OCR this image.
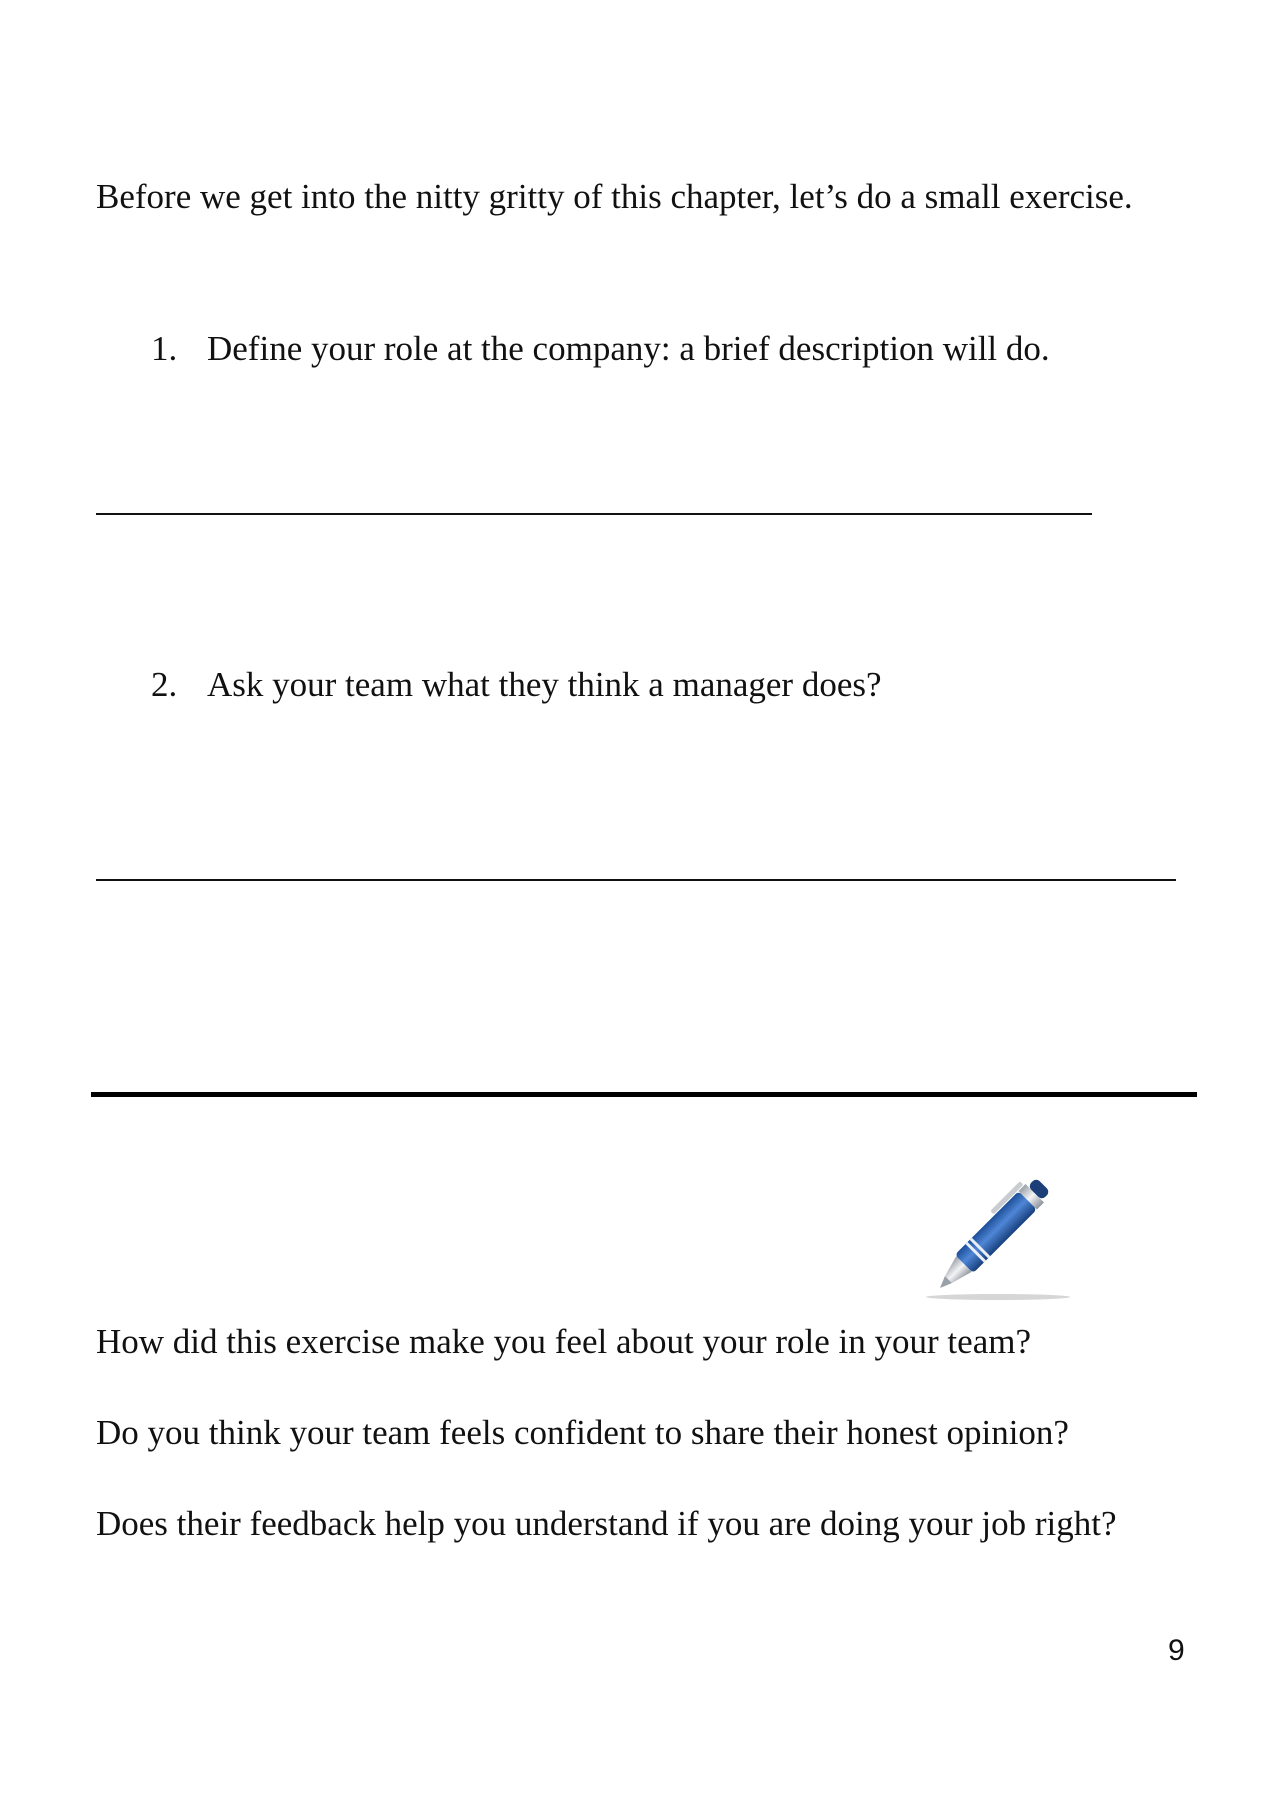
Before we get into the nitty gritty of this chapter, let’s do a small exercise.

1. Define your role at the company: a brief description will do.

2. Ask your team what they think a manager does?

How did this exercise make you feel about your role in your team?

Do you think your team feels confident to share their honest opinion?

Does their feedback help you understand if you are doing your job right?

9
